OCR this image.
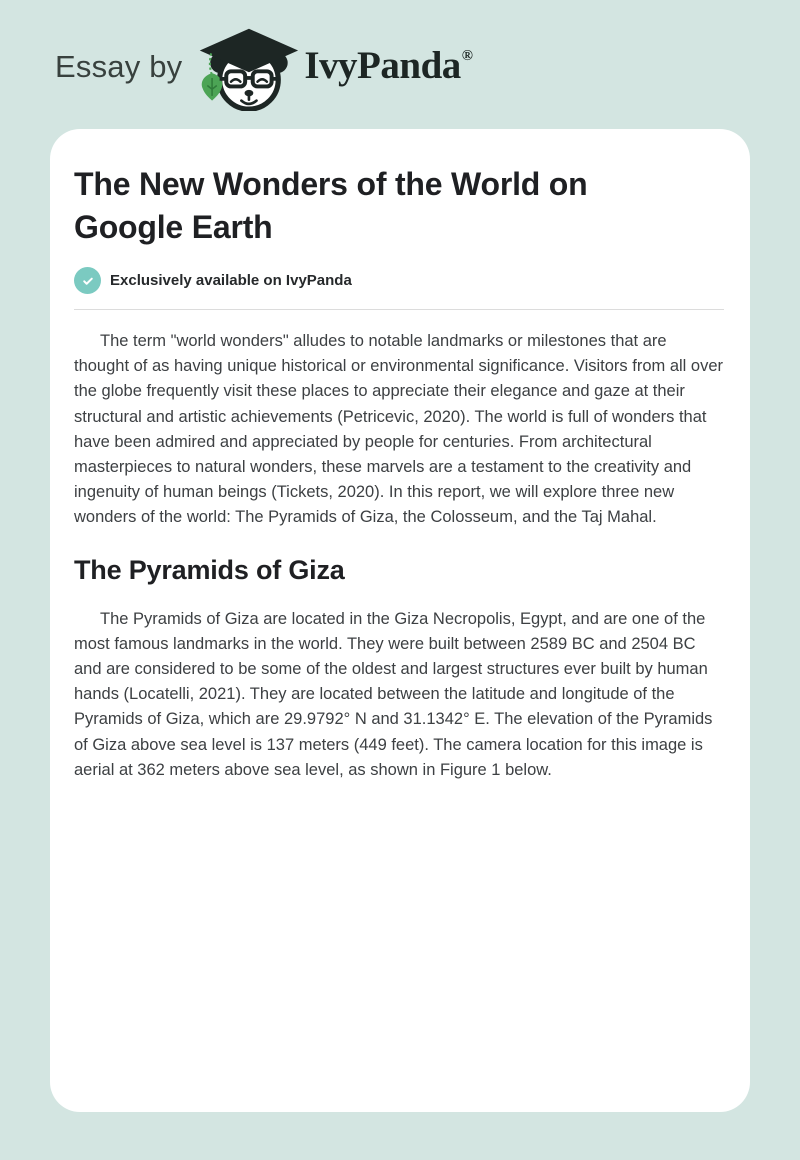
Essay by	IvyPanda®
The New Wonders of the World on Google Earth
Exclusively available on IvyPanda

The term "world wonders" alludes to notable landmarks or milestones that are thought of as having unique historical or environmental significance. Visitors from all over the globe frequently visit these places to appreciate their elegance and gaze at their structural and artistic achievements (Petricevic, 2020). The world is full of wonders that have been admired and appreciated by people for centuries. From architectural masterpieces to natural wonders, these marvels are a testament to the creativity and ingenuity of human beings (Tickets, 2020). In this report, we will explore three new wonders of the world: The Pyramids of Giza, the Colosseum, and the Taj Mahal.

The Pyramids of Giza

The Pyramids of Giza are located in the Giza Necropolis, Egypt, and are one of the most famous landmarks in the world. They were built between 2589 BC and 2504 BC and are considered to be some of the oldest and largest structures ever built by human hands (Locatelli, 2021). They are located between the latitude and longitude of the Pyramids of Giza, which are 29.9792° N and 31.1342° E. The elevation of the Pyramids of Giza above sea level is 137 meters (449 feet). The camera location for this image is aerial at 362 meters above sea level, as shown in Figure 1 below.
